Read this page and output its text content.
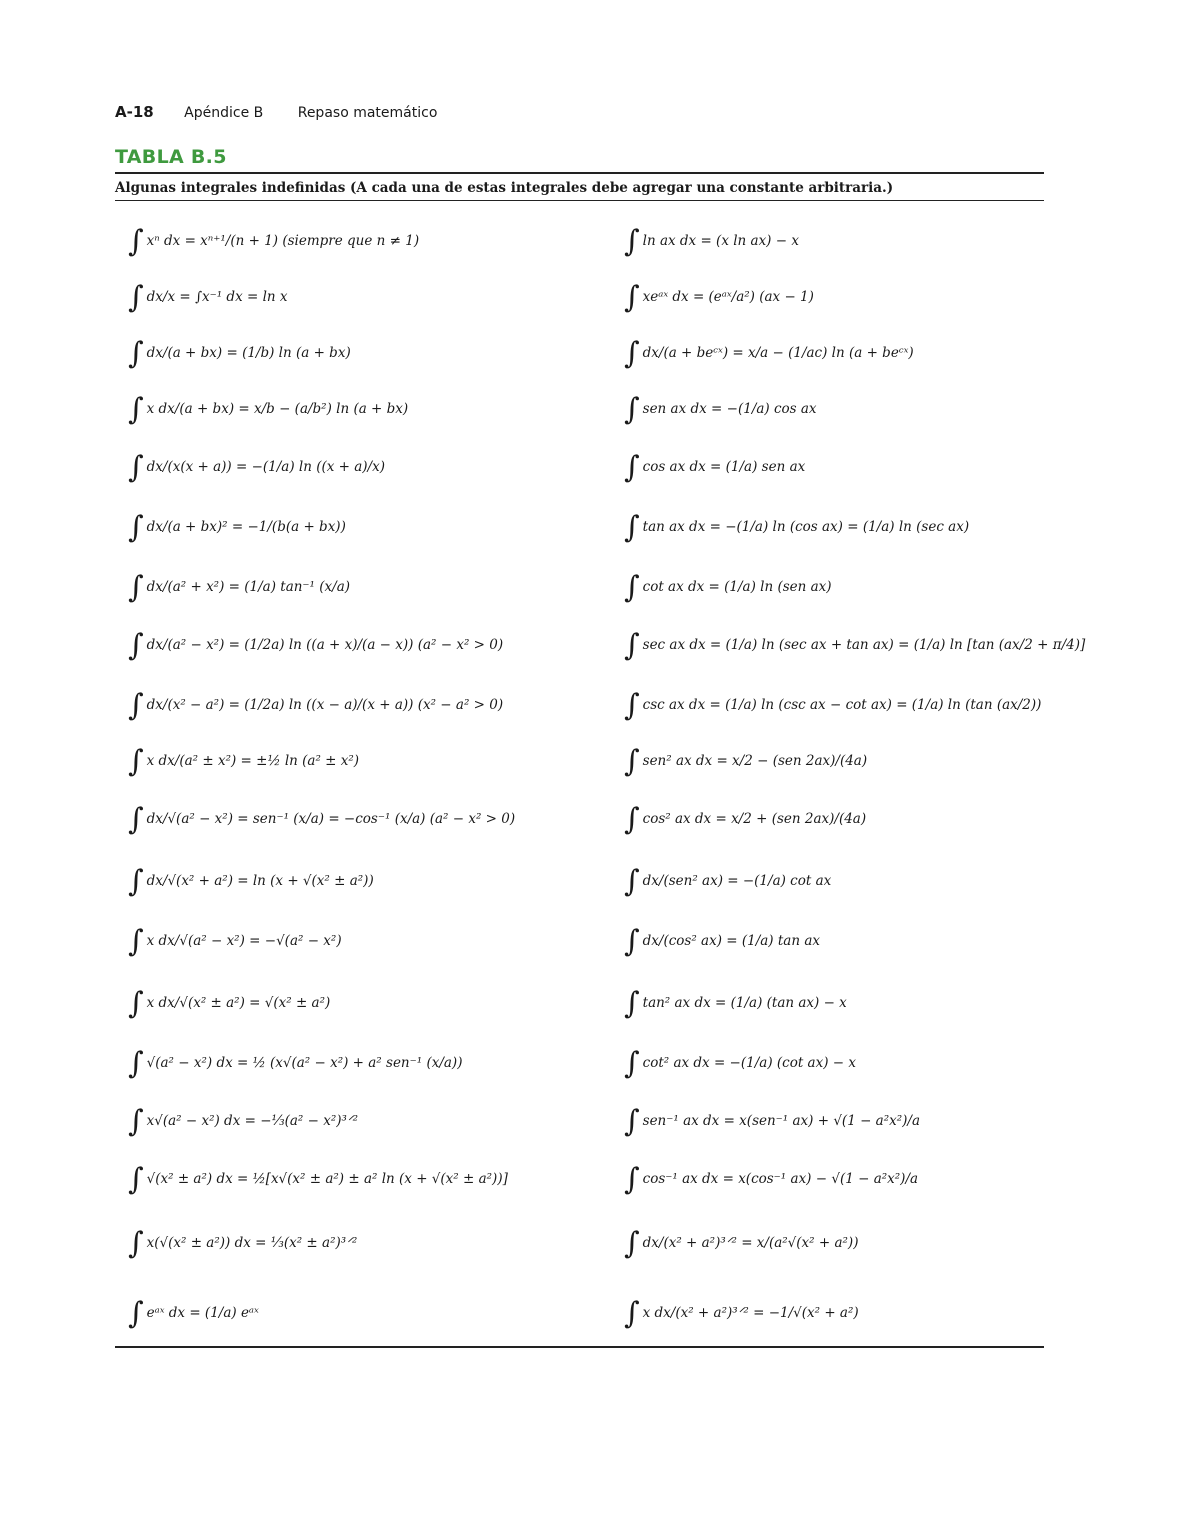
A-18 Apéndice B Repaso matemático
TABLA B.5
Algunas integrales indefinidas (A cada una de estas integrales debe agregar una constante arbitraria.)
∫ xⁿ dx = xⁿ⁺¹/(n + 1) (siempre que n ≠ 1)
∫ dx/x = ∫x⁻¹ dx = ln x
∫ dx/(a + bx) = (1/b) ln (a + bx)
∫ x dx/(a + bx) = x/b − (a/b²) ln (a + bx)
∫ dx/(x(x + a)) = −(1/a) ln ((x + a)/x)
∫ dx/(a + bx)² = −1/(b(a + bx))
∫ dx/(a² + x²) = (1/a) tan⁻¹ (x/a)
∫ dx/(a² − x²) = (1/2a) ln ((a + x)/(a − x)) (a² − x² > 0)
∫ dx/(x² − a²) = (1/2a) ln ((x − a)/(x + a)) (x² − a² > 0)
∫ x dx/(a² ± x²) = ±½ ln (a² ± x²)
∫ dx/√(a² − x²) = sen⁻¹ (x/a) = −cos⁻¹ (x/a) (a² − x² > 0)
∫ dx/√(x² + a²) = ln (x + √(x² ± a²))
∫ x dx/√(a² − x²) = −√(a² − x²)
∫ x dx/√(x² ± a²) = √(x² ± a²)
∫ √(a² − x²) dx = ½ (x√(a² − x²) + a² sen⁻¹ (x/a))
∫ x√(a² − x²) dx = −⅓(a² − x²)³ᐟ²
∫ √(x² ± a²) dx = ½[x√(x² ± a²) ± a² ln (x + √(x² ± a²))]
∫ x(√(x² ± a²)) dx = ⅓(x² ± a²)³ᐟ²
∫ eᵃˣ dx = (1/a) eᵃˣ
∫ ln ax dx = (x ln ax) − x
∫ xeᵃˣ dx = (eᵃˣ/a²) (ax − 1)
∫ dx/(a + beᶜˣ) = x/a − (1/ac) ln (a + beᶜˣ)
∫ sen ax dx = −(1/a) cos ax
∫ cos ax dx = (1/a) sen ax
∫ tan ax dx = −(1/a) ln (cos ax) = (1/a) ln (sec ax)
∫ cot ax dx = (1/a) ln (sen ax)
∫ sec ax dx = (1/a) ln (sec ax + tan ax) = (1/a) ln [tan (ax/2 + π/4)]
∫ csc ax dx = (1/a) ln (csc ax − cot ax) = (1/a) ln (tan (ax/2))
∫ sen² ax dx = x/2 − (sen 2ax)/(4a)
∫ cos² ax dx = x/2 + (sen 2ax)/(4a)
∫ dx/(sen² ax) = −(1/a) cot ax
∫ dx/(cos² ax) = (1/a) tan ax
∫ tan² ax dx = (1/a) (tan ax) − x
∫ cot² ax dx = −(1/a) (cot ax) − x
∫ sen⁻¹ ax dx = x(sen⁻¹ ax) + √(1 − a²x²)/a
∫ cos⁻¹ ax dx = x(cos⁻¹ ax) − √(1 − a²x²)/a
∫ dx/(x² + a²)³ᐟ² = x/(a²√(x² + a²))
∫ x dx/(x² + a²)³ᐟ² = −1/√(x² + a²)
